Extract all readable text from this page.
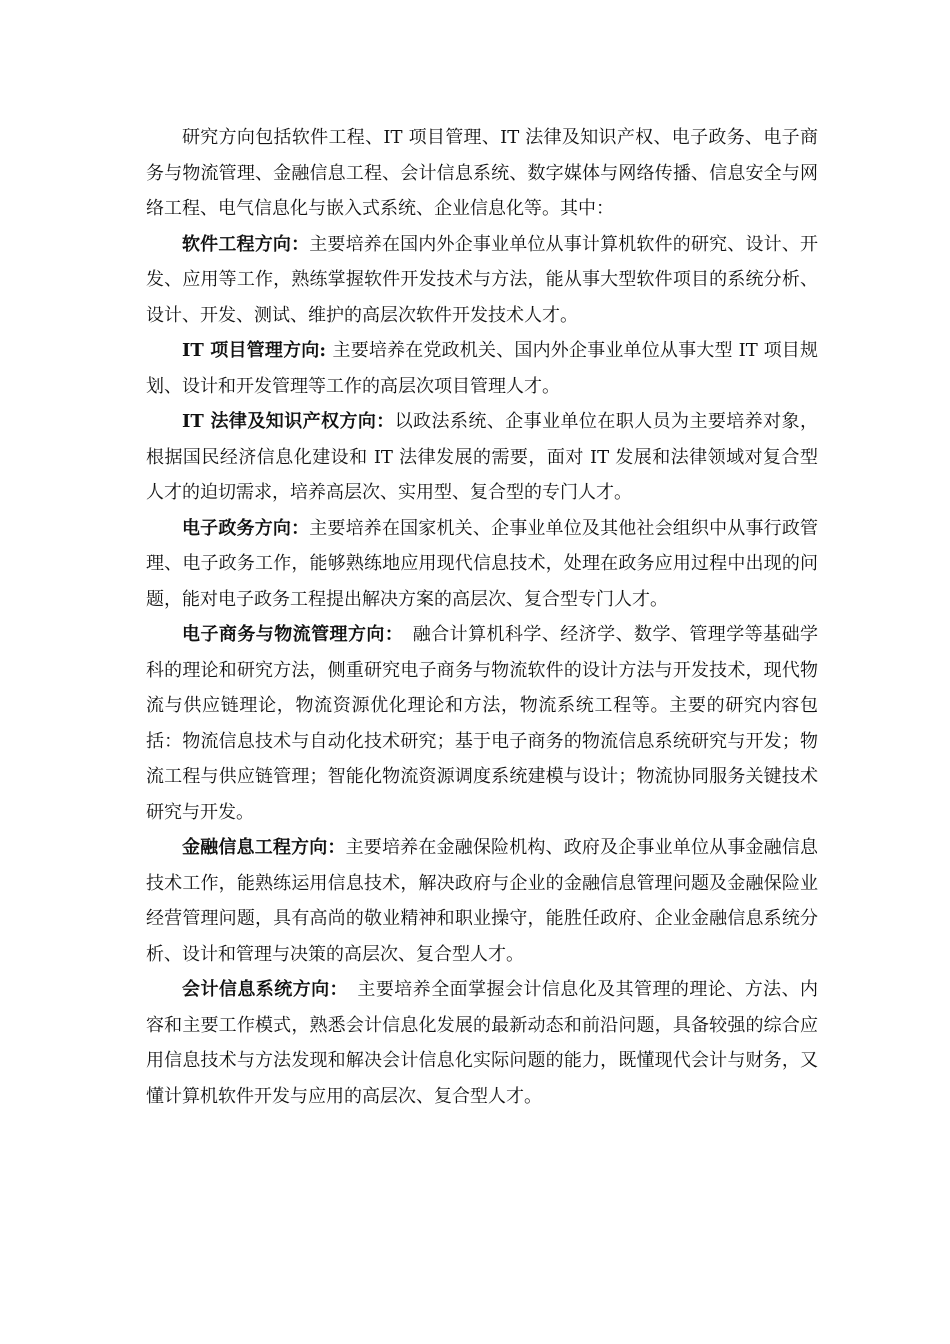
研究方向包括软件工程、IT 项目管理、IT 法律及知识产权、电子政务、电子商务与物流管理、金融信息工程、会计信息系统、数字媒体与网络传播、信息安全与网络工程、电气信息化与嵌入式系统、企业信息化等。其中：

软件工程方向：主要培养在国内外企事业单位从事计算机软件的研究、设计、开发、应用等工作，熟练掌握软件开发技术与方法，能从事大型软件项目的系统分析、设计、开发、测试、维护的高层次软件开发技术人才。

IT 项目管理方向: 主要培养在党政机关、国内外企事业单位从事大型 IT 项目规划、设计和开发管理等工作的高层次项目管理人才。

IT 法律及知识产权方向：以政法系统、企事业单位在职人员为主要培养对象，根据国民经济信息化建设和 IT 法律发展的需要，面对 IT 发展和法律领域对复合型人才的迫切需求，培养高层次、实用型、复合型的专门人才。

电子政务方向：主要培养在国家机关、企事业单位及其他社会组织中从事行政管理、电子政务工作，能够熟练地应用现代信息技术，处理在政务应用过程中出现的问题，能对电子政务工程提出解决方案的高层次、复合型专门人才。

电子商务与物流管理方向：　融合计算机科学、经济学、数学、管理学等基础学科的理论和研究方法，侧重研究电子商务与物流软件的设计方法与开发技术，现代物流与供应链理论，物流资源优化理论和方法，物流系统工程等。主要的研究内容包括：物流信息技术与自动化技术研究；基于电子商务的物流信息系统研究与开发；物流工程与供应链管理；智能化物流资源调度系统建模与设计；物流协同服务关键技术研究与开发。

金融信息工程方向：主要培养在金融保险机构、政府及企事业单位从事金融信息技术工作，能熟练运用信息技术，解决政府与企业的金融信息管理问题及金融保险业经营管理问题，具有高尚的敬业精神和职业操守，能胜任政府、企业金融信息系统分析、设计和管理与决策的高层次、复合型人才。

会计信息系统方向：　主要培养全面掌握会计信息化及其管理的理论、方法、内容和主要工作模式，熟悉会计信息化发展的最新动态和前沿问题，具备较强的综合应用信息技术与方法发现和解决会计信息化实际问题的能力，既懂现代会计与财务，又懂计算机软件开发与应用的高层次、复合型人才。
